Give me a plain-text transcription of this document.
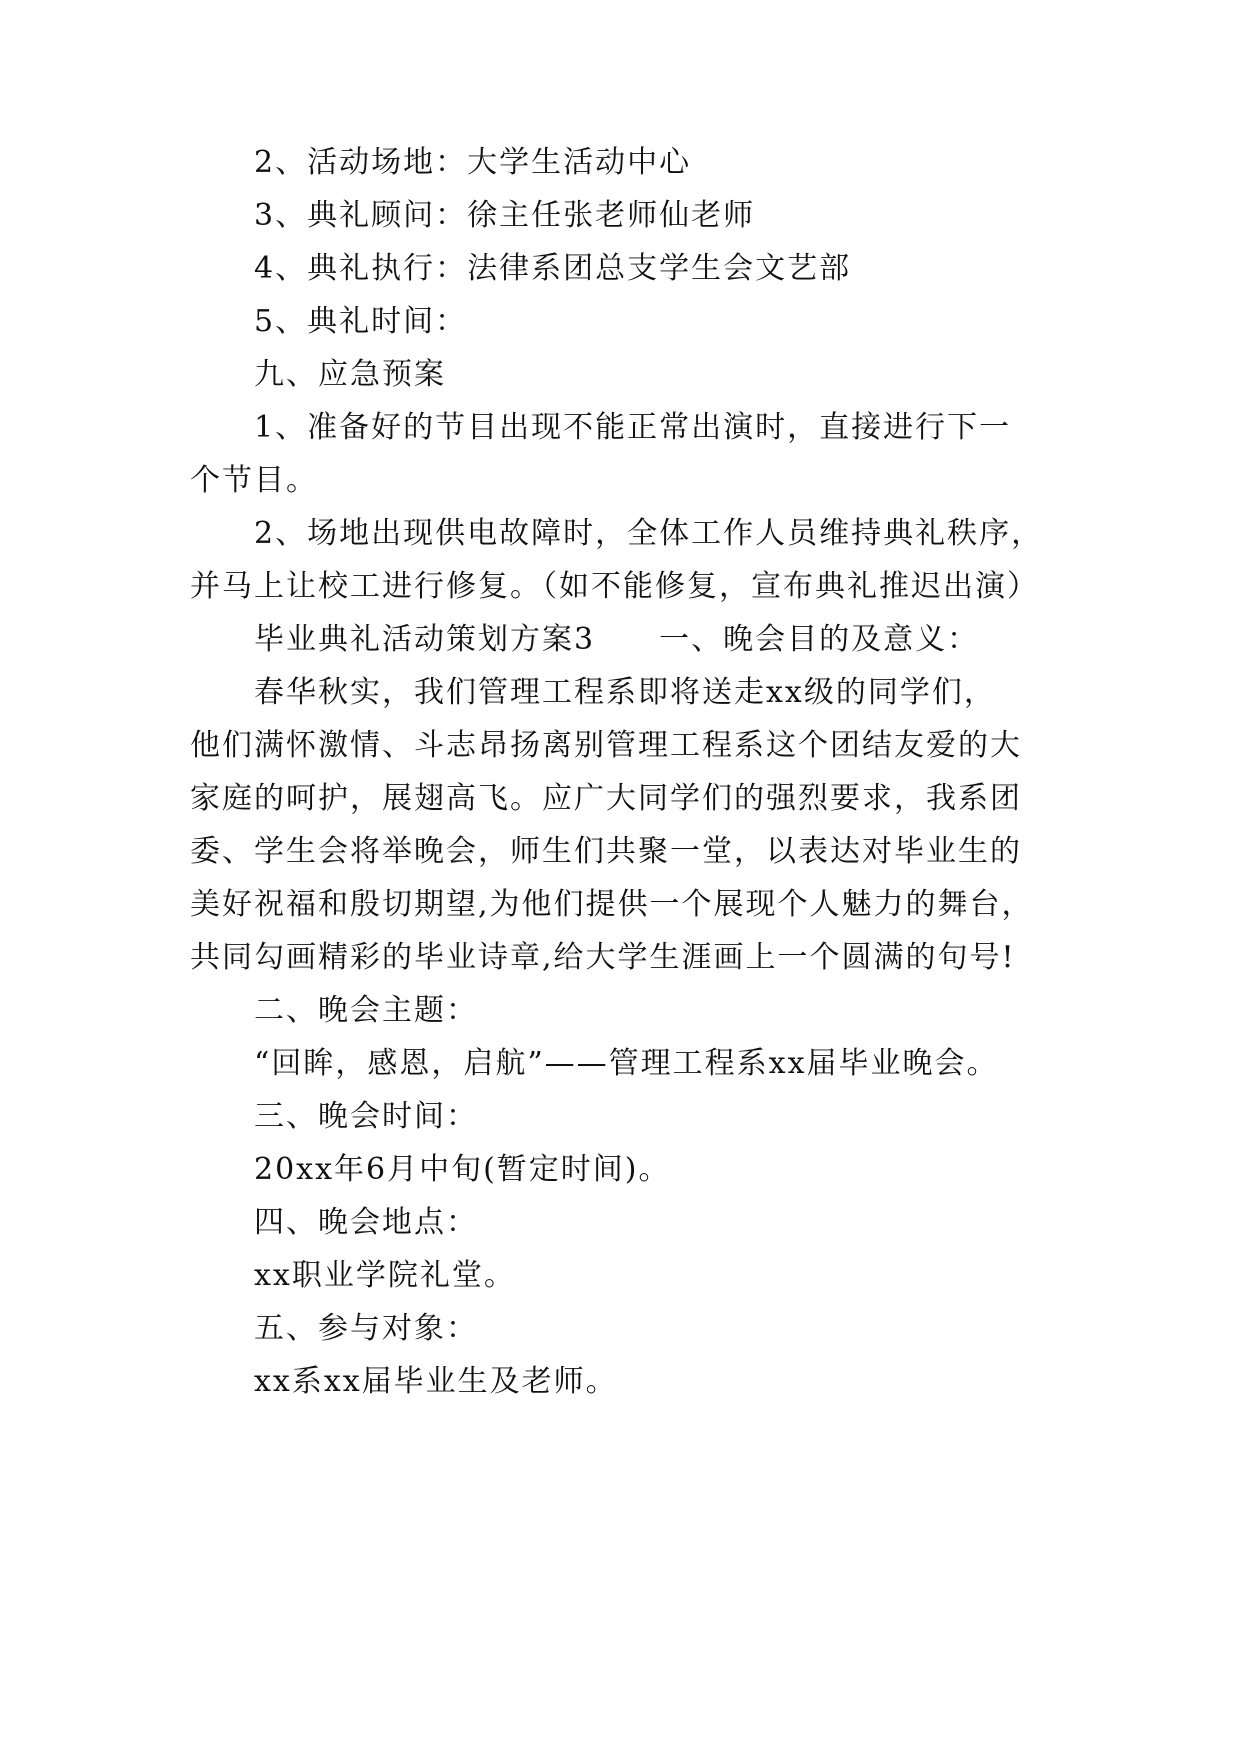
2、活动场地：大学生活动中心
3、典礼顾问：徐主任张老师仙老师
4、典礼执行：法律系团总支学生会文艺部
5、典礼时间：
九、应急预案
1、准备好的节目出现不能正常出演时，直接进行下一
个节目。
2、场地出现供电故障时，全体工作人员维持典礼秩序，
并马上让校工进行修复。（如不能修复，宣布典礼推迟出演）
毕业典礼活动策划方案3　　一、晚会目的及意义：
春华秋实，我们管理工程系即将送走xx级的同学们，
他们满怀激情、斗志昂扬离别管理工程系这个团结友爱的大
家庭的呵护，展翅高飞。应广大同学们的强烈要求，我系团
委、学生会将举晚会，师生们共聚一堂，以表达对毕业生的
美好祝福和殷切期望,为他们提供一个展现个人魅力的舞台，
共同勾画精彩的毕业诗章,给大学生涯画上一个圆满的句号!
二、晚会主题：
“回眸，感恩，启航”——管理工程系xx届毕业晚会。
三、晚会时间：
20xx年6月中旬(暂定时间)。
四、晚会地点：
xx职业学院礼堂。
五、参与对象：
xx系xx届毕业生及老师。
